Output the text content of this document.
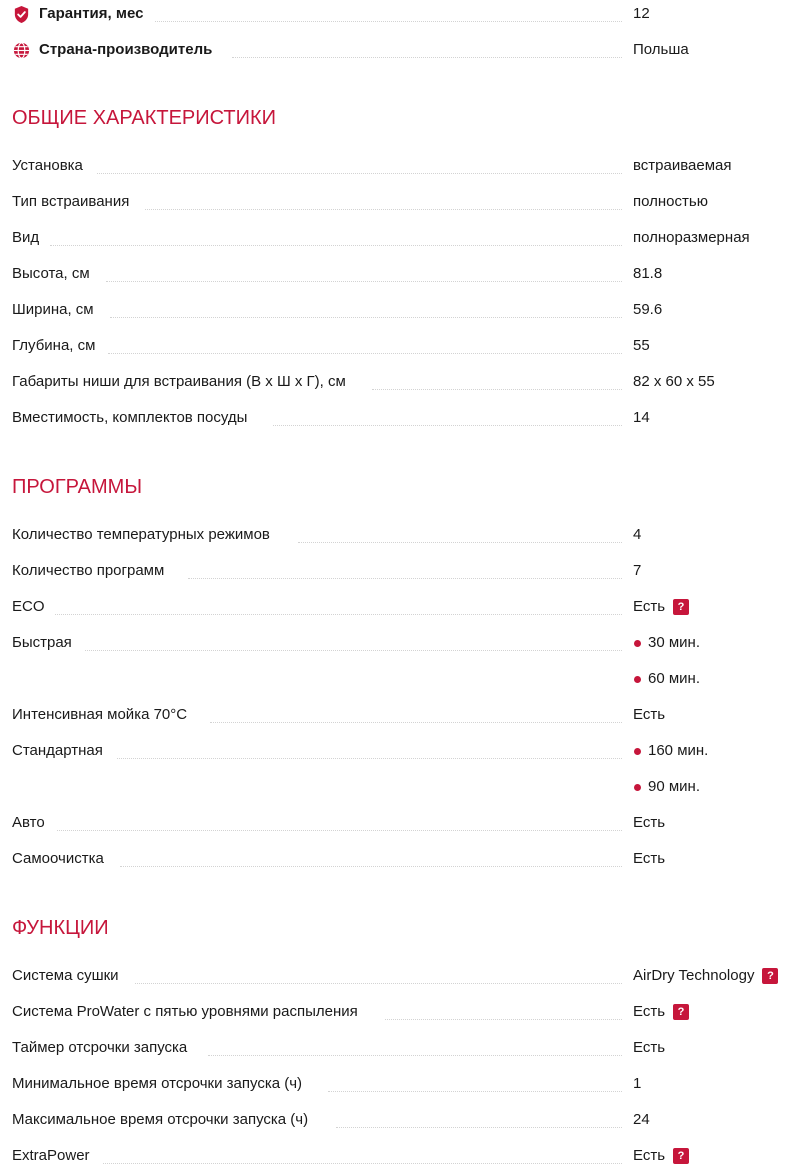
Гарантия, мес	12
Страна-производитель	Польша
ОБЩИЕ ХАРАКТЕРИСТИКИ
Установка	встраиваемая
Тип встраивания	полностью
Вид	полноразмерная
Высота, см	81.8
Ширина, см	59.6
Глубина, см	55
Габариты ниши для встраивания (В х Ш х Г), см	82 х 60 х 55
Вместимость, комплектов посуды	14
ПРОГРАММЫ
Количество температурных режимов	4
Количество программ	7
ECO	Есть	?
Быстрая	30 мин.
60 мин.
Интенсивная мойка 70°C	Есть
Стандартная	160 мин.
90 мин.
Авто	Есть
Самоочистка	Есть
ФУНКЦИИ
Система сушки	AirDry Technology	?
Система ProWater с пятью уровнями распыления	Есть	?
Таймер отсрочки запуска	Есть
Минимальное время отсрочки запуска (ч)	1
Максимальное время отсрочки запуска (ч)	24
ExtraPower	Есть	?
